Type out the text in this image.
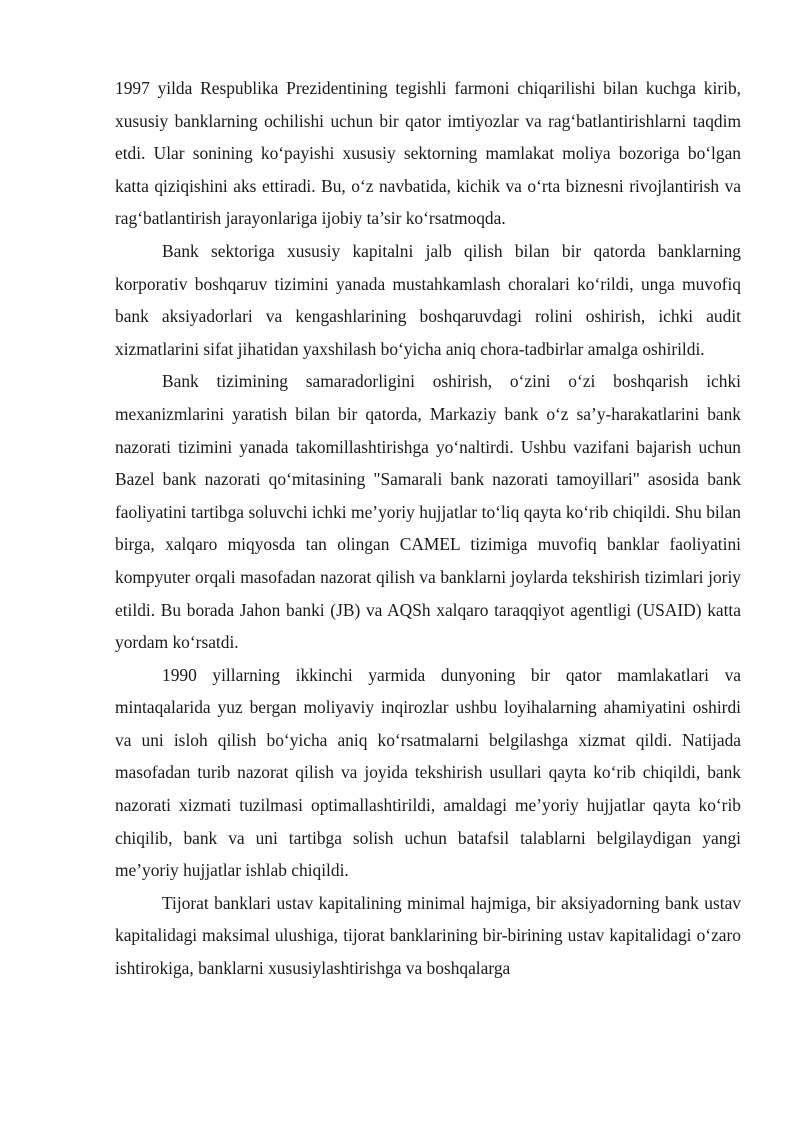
1997 yilda Respublika Prezidentining tegishli farmoni chiqarilishi bilan kuchga kirib, xususiy banklarning ochilishi uchun bir qator imtiyozlar va rag‘batlantirishlarni taqdim etdi. Ular sonining ko‘payishi xususiy sektorning mamlakat moliya bozoriga bo‘lgan katta qiziqishini aks ettiradi. Bu, o‘z navbatida, kichik va o‘rta biznesni rivojlantirish va rag‘batlantirish jarayonlariga ijobiy ta’sir ko‘rsatmoqda.

Bank sektoriga xususiy kapitalni jalb qilish bilan bir qatorda banklarning korporativ boshqaruv tizimini yanada mustahkamlash choralari ko‘rildi, unga muvofiq bank aksiyadorlari va kengashlarining boshqaruvdagi rolini oshirish, ichki audit xizmatlarini sifat jihatidan yaxshilash bo‘yicha aniq chora-tadbirlar amalga oshirildi.

Bank tizimining samaradorligini oshirish, o‘zini o‘zi boshqarish ichki mexanizmlarini yaratish bilan bir qatorda, Markaziy bank o‘z sa’y-harakatlarini bank nazorati tizimini yanada takomillashtirishga yo‘naltirdi. Ushbu vazifani bajarish uchun Bazel bank nazorati qo‘mitasining "Samarali bank nazorati tamoyillari" asosida bank faoliyatini tartibga soluvchi ichki me’yoriy hujjatlar to‘liq qayta ko‘rib chiqildi. Shu bilan birga, xalqaro miqyosda tan olingan CAMEL tizimiga muvofiq banklar faoliyatini kompyuter orqali masofadan nazorat qilish va banklarni joylarda tekshirish tizimlari joriy etildi. Bu borada Jahon banki (JB) va AQSh xalqaro taraqqiyot agentligi (USAID) katta yordam ko‘rsatdi.

1990 yillarning ikkinchi yarmida dunyoning bir qator mamlakatlari va mintaqalarida yuz bergan moliyaviy inqirozlar ushbu loyihalarning ahamiyatini oshirdi va uni isloh qilish bo‘yicha aniq ko‘rsatmalarni belgilashga xizmat qildi. Natijada masofadan turib nazorat qilish va joyida tekshirish usullari qayta ko‘rib chiqildi, bank nazorati xizmati tuzilmasi optimallashtirildi, amaldagi me’yoriy hujjatlar qayta ko‘rib chiqilib, bank va uni tartibga solish uchun batafsil talablarni belgilaydigan yangi me’yoriy hujjatlar ishlab chiqildi.

Tijorat banklari ustav kapitalining minimal hajmiga, bir aksiyadorning bank ustav kapitalidagi maksimal ulushiga, tijorat banklarining bir-birining ustav kapitalidagi o‘zaro ishtirokiga, banklarni xususiylashtirishga va boshqalarga
